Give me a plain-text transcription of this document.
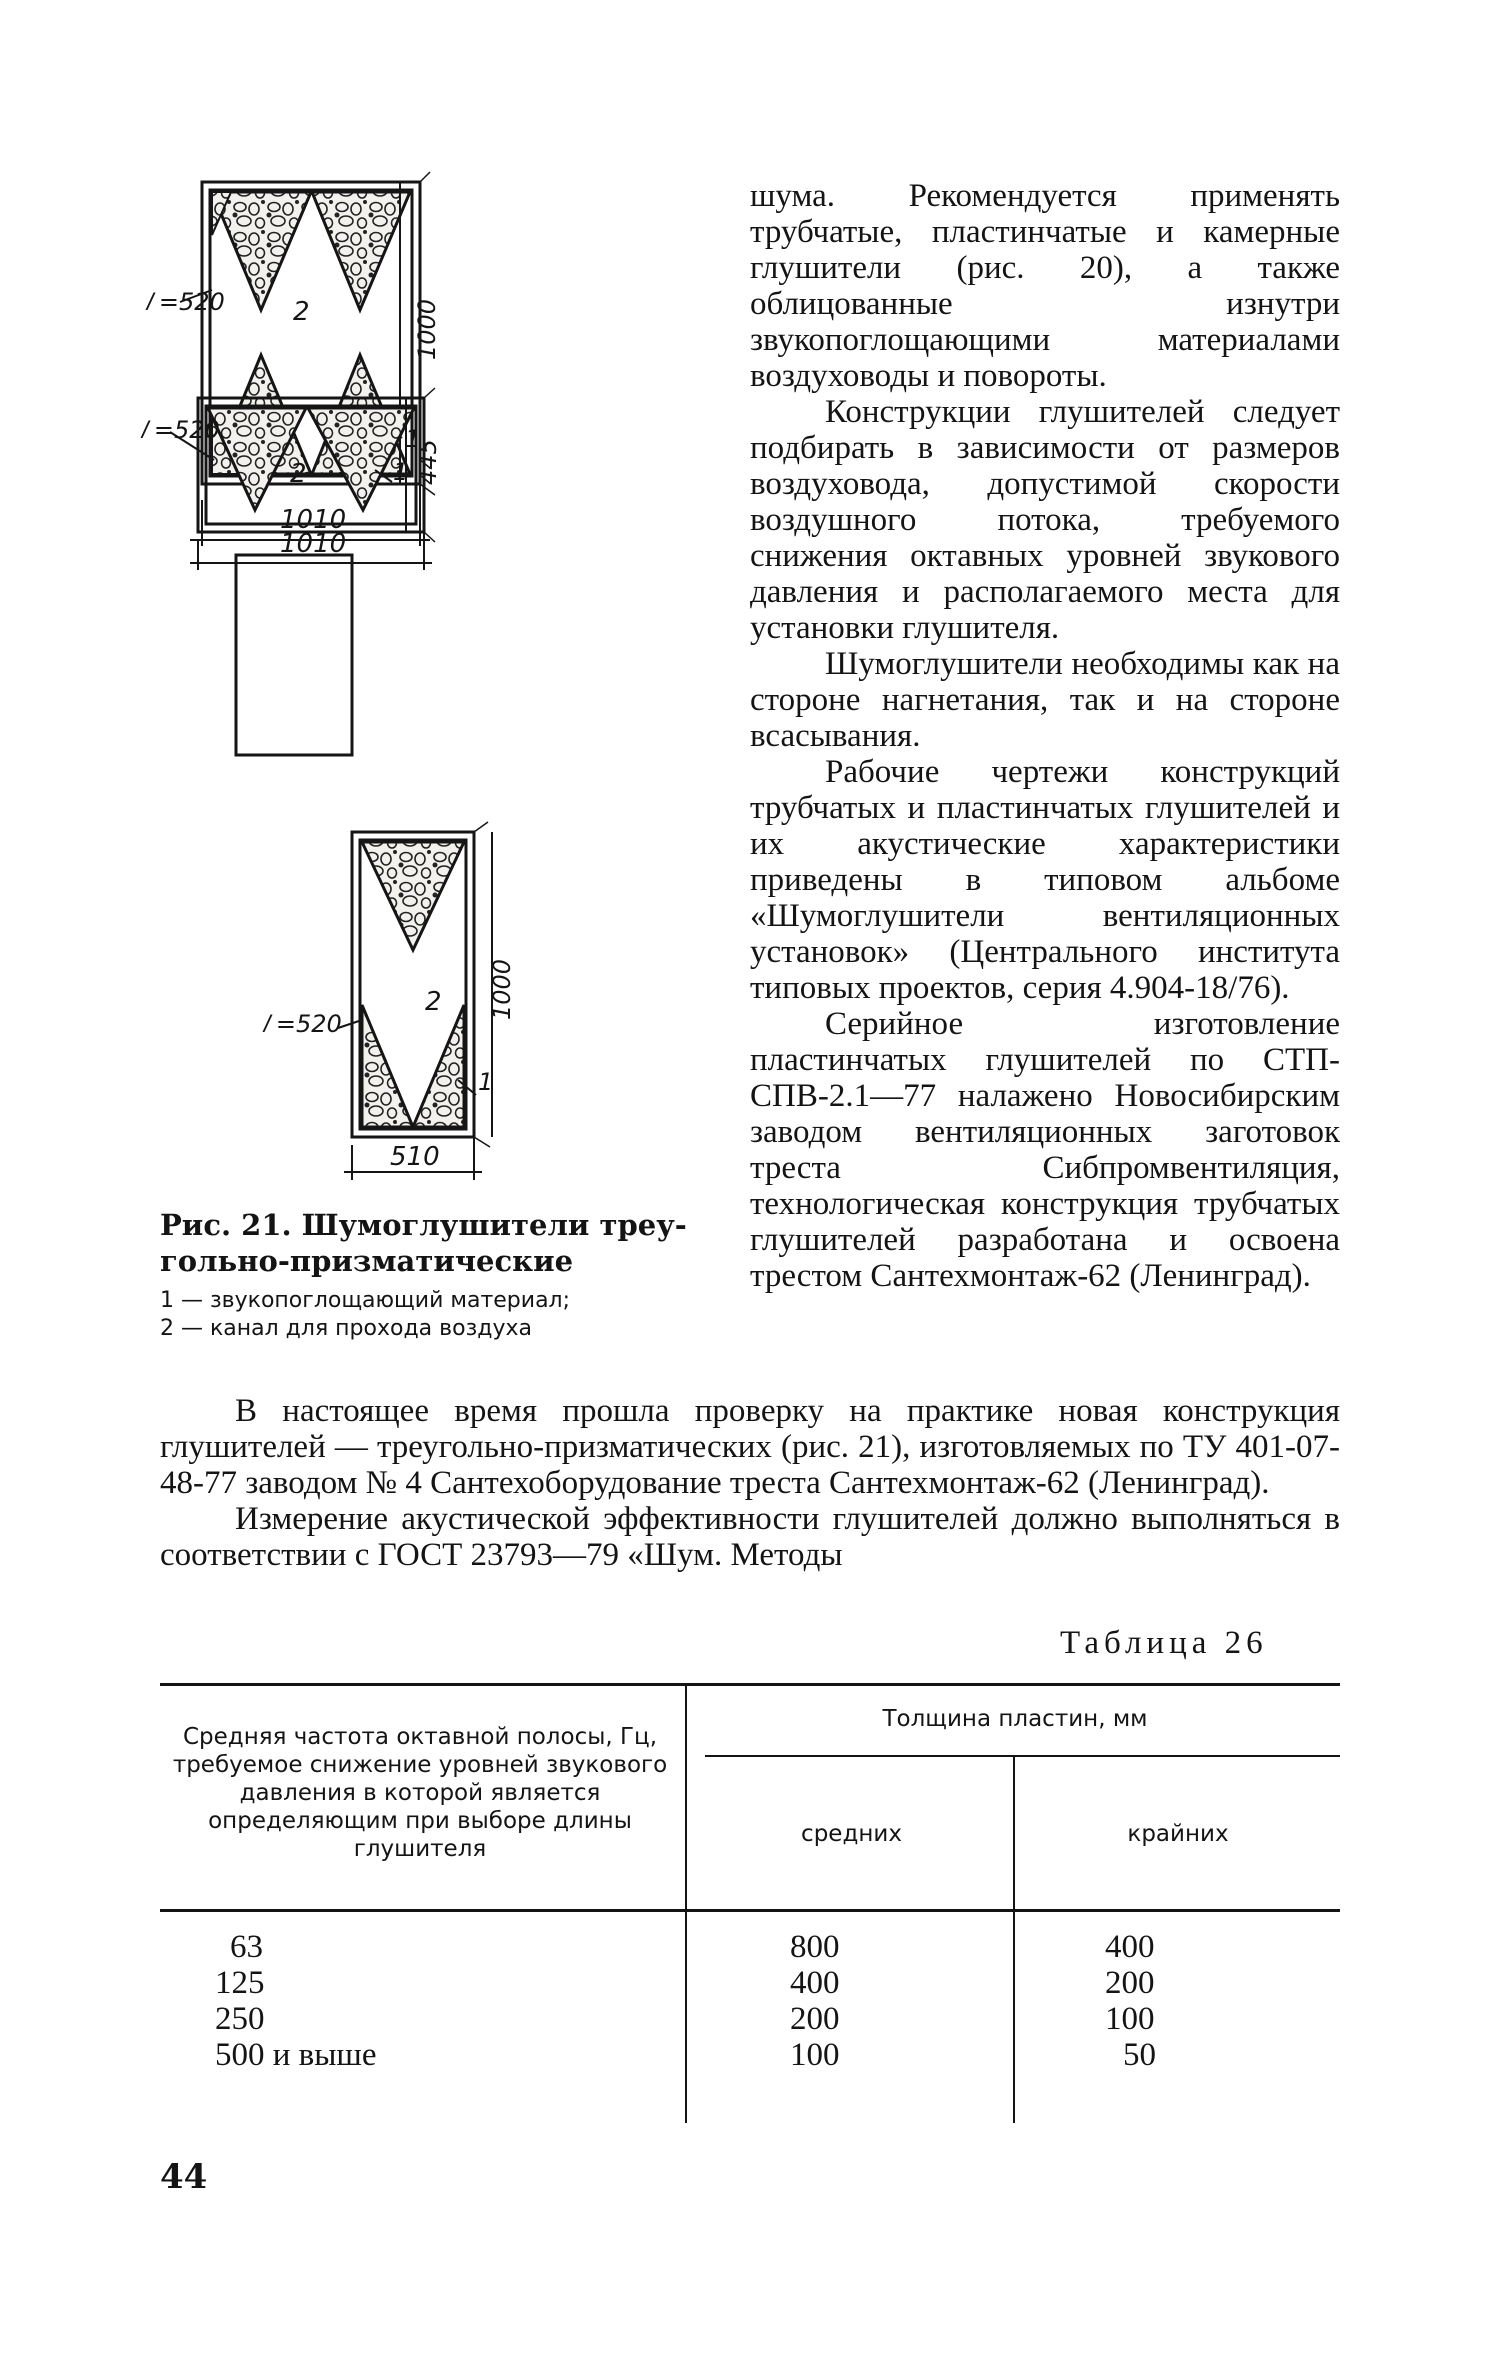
𝑙 =520
1010
1000
1
2
𝑙 =520
1010
445
1
2
Рис. 21. Шумоглушители треу-
гольно-призматические
1 — звукопоглощающий материал;
2 — канал для прохода воздуха

шума. Рекомендуется применять трубчатые, пластинчатые и камерные глушители (рис. 20), а также облицованные изнутри звукопоглощающими материалами воздуховоды и повороты.

Конструкции глушителей следует подбирать в зависимости от размеров воздуховода, допустимой скорости воздушного потока, требуемого снижения октавных уровней звукового давления и располагаемого места для установки глушителя.

Шумоглушители необходимы как на стороне нагнетания, так и на стороне всасывания.

Рабочие чертежи конструкций трубчатых и пластинчатых глушителей и их акустические характеристики приведены в типовом альбоме «Шумоглушители вентиляционных установок» (Центрального института типовых проектов, серия 4.904-18/76).

Серийное изготовление пластинчатых глушителей по СТП-СПВ-2.1—77 налажено Новосибирским заводом вентиляционных заготовок треста Сибпромвентиляция, технологическая конструкция трубчатых глушителей разработана и освоена трестом Сантехмонтаж-62 (Ленинград).

В настоящее время прошла проверку на практике новая конструкция глушителей — треугольно-призматических (рис. 21), изготовляемых по ТУ 401-07-48-77 заводом № 4 Сантехоборудование треста Сантехмонтаж-62 (Ленинград).

Измерение акустической эффективности глушителей должно выполняться в соответствии с ГОСТ 23793—79 «Шум. Методы

Таблица 26
Средняя частота октавной полосы, Гц, требуемое снижение уровней звукового давления в которой является определяющим при выборе длины глушителя
Толщина пластин, мм
средних	крайних
63	800	400
125	400	200
250	200	100
500 и выше	100	50
44
510
1000
1
2
𝑙 =520
